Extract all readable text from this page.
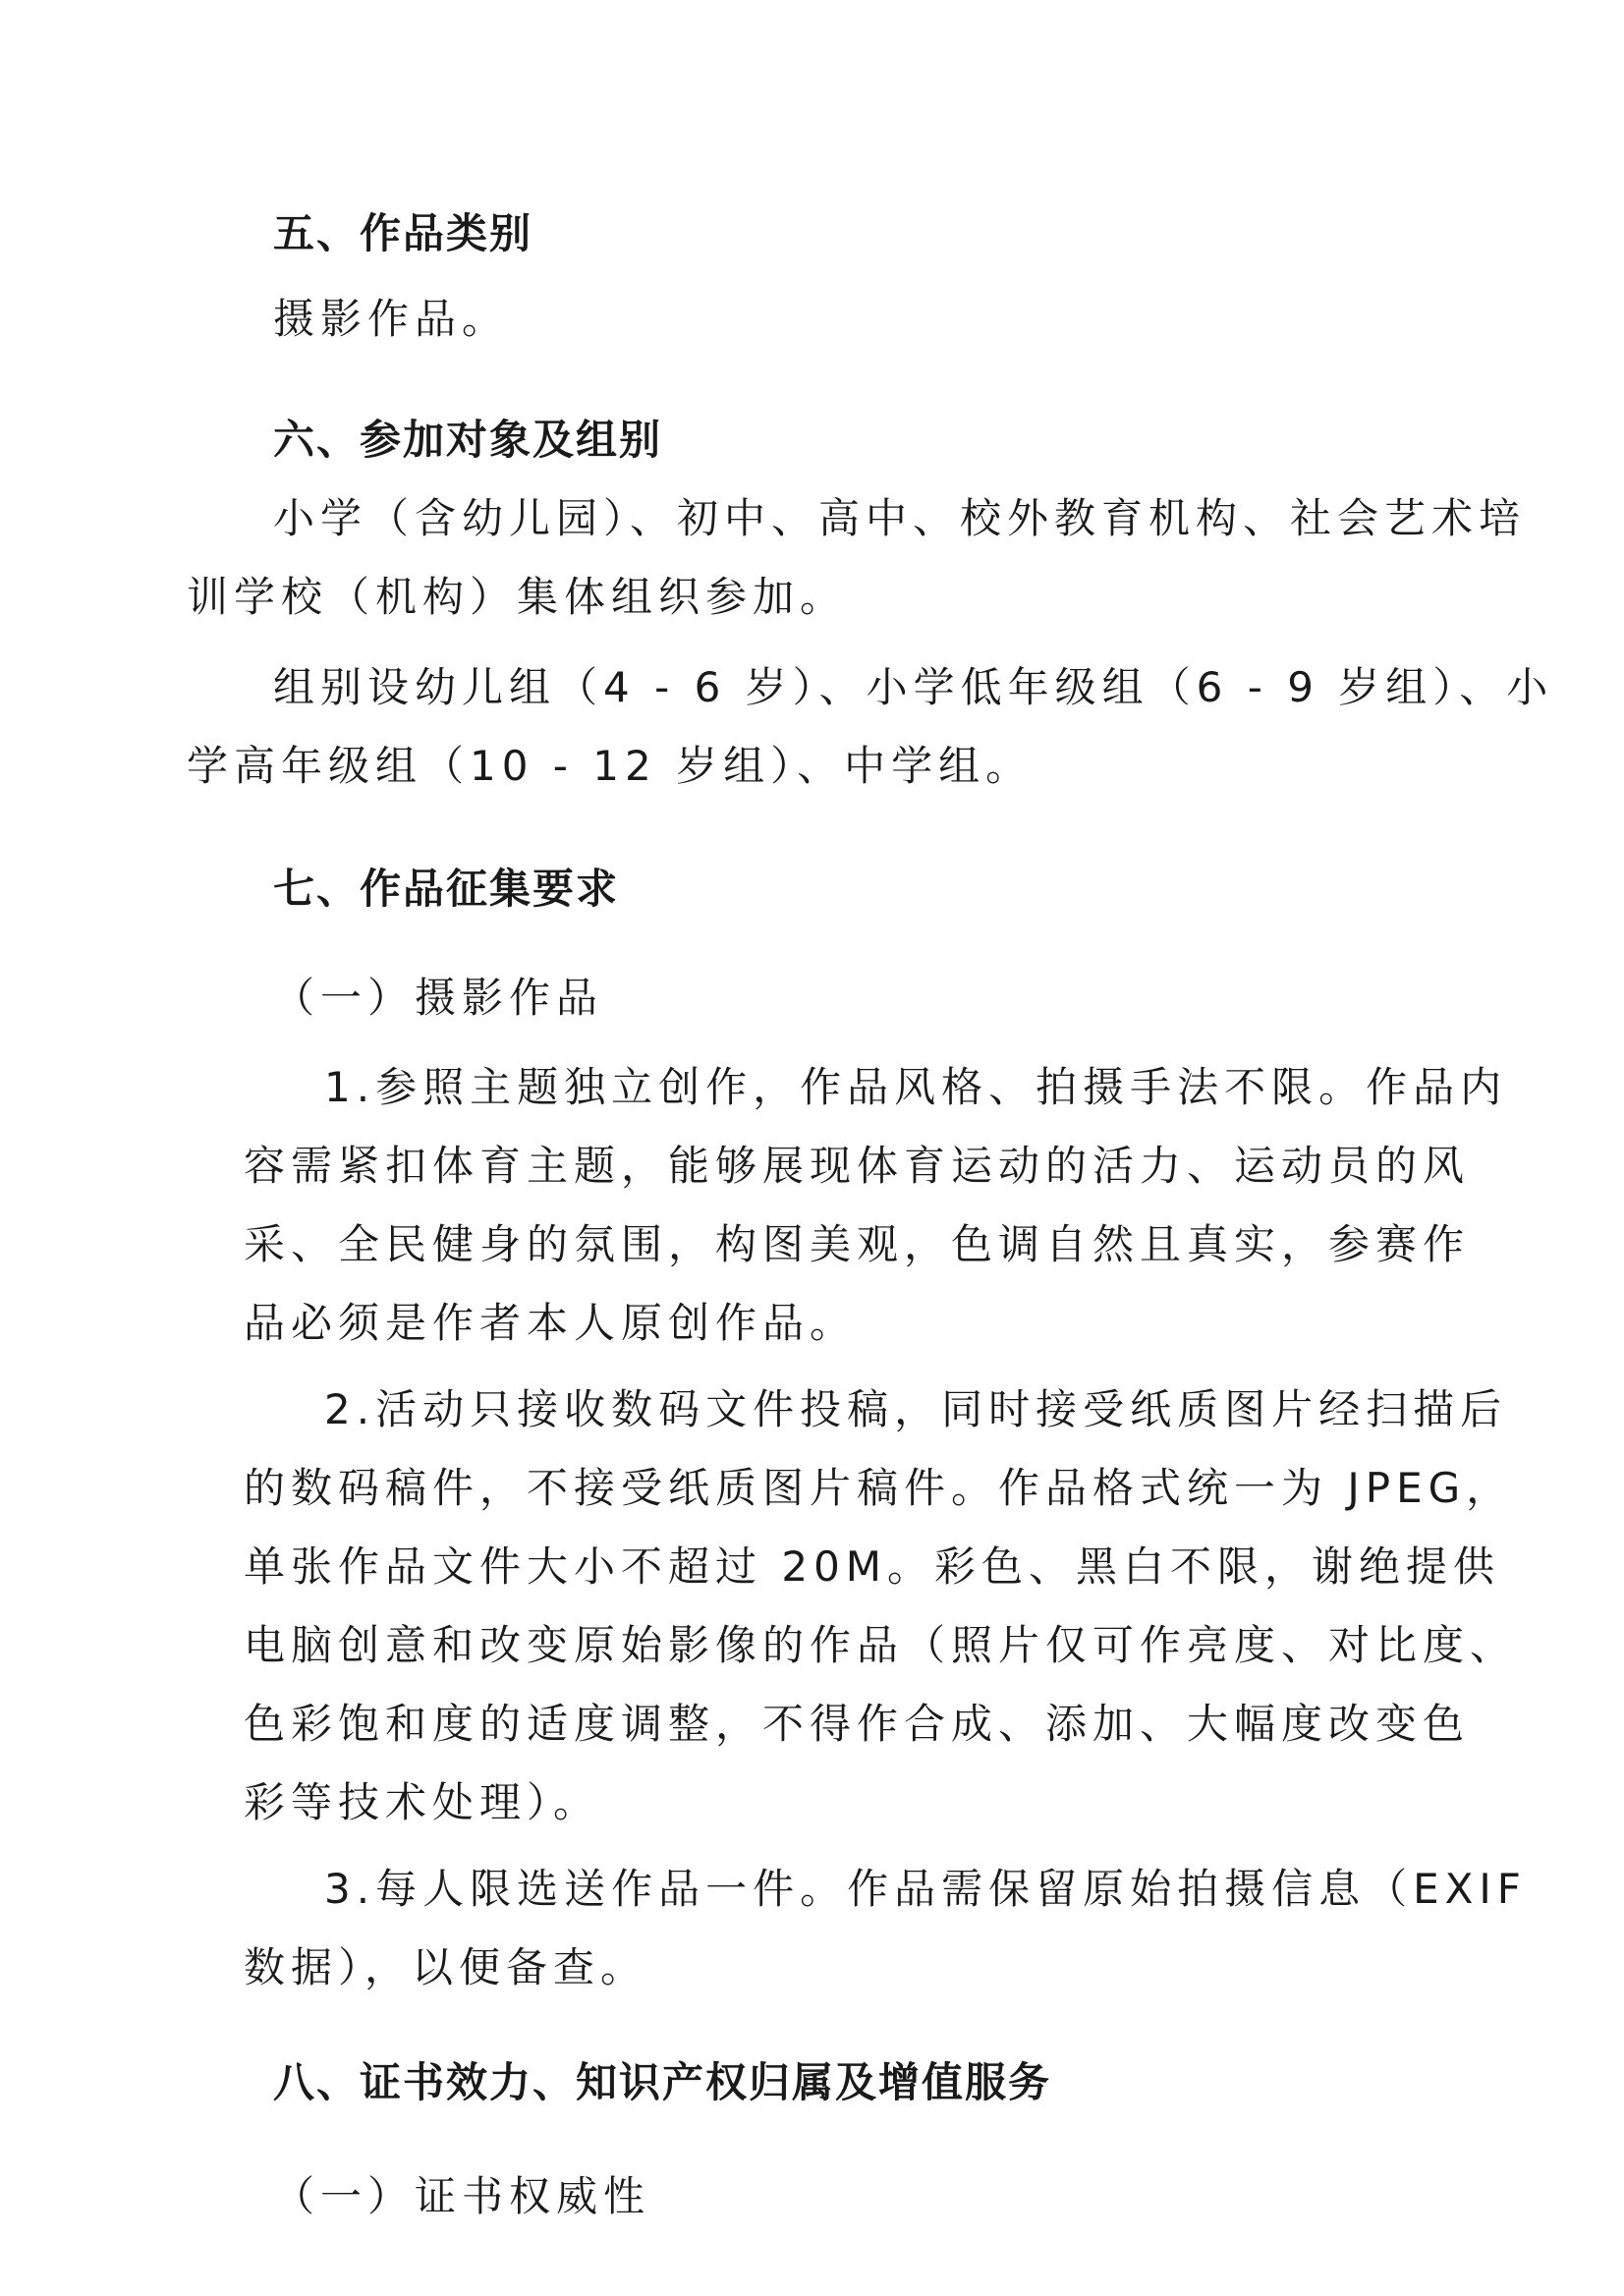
五、作品类别
摄影作品。
六、参加对象及组别
小学（含幼儿园）、初中、高中、校外教育机构、社会艺术培
训学校（机构）集体组织参加。
组别设幼儿组（4 - 6 岁）、小学低年级组（6 - 9 岁组）、小
学高年级组（10 - 12 岁组）、中学组。
七、作品征集要求
（一）摄影作品
1.参照主题独立创作，作品风格、拍摄手法不限。作品内
容需紧扣体育主题，能够展现体育运动的活力、运动员的风
采、全民健身的氛围，构图美观，色调自然且真实，参赛作
品必须是作者本人原创作品。
2.活动只接收数码文件投稿，同时接受纸质图片经扫描后
的数码稿件，不接受纸质图片稿件。作品格式统一为 JPEG，
单张作品文件大小不超过 20M。彩色、黑白不限，谢绝提供
电脑创意和改变原始影像的作品（照片仅可作亮度、对比度、
色彩饱和度的适度调整，不得作合成、添加、大幅度改变色
彩等技术处理）。
3.每人限选送作品一件。作品需保留原始拍摄信息（EXIF
数据），以便备查。
八、证书效力、知识产权归属及增值服务
（一）证书权威性
